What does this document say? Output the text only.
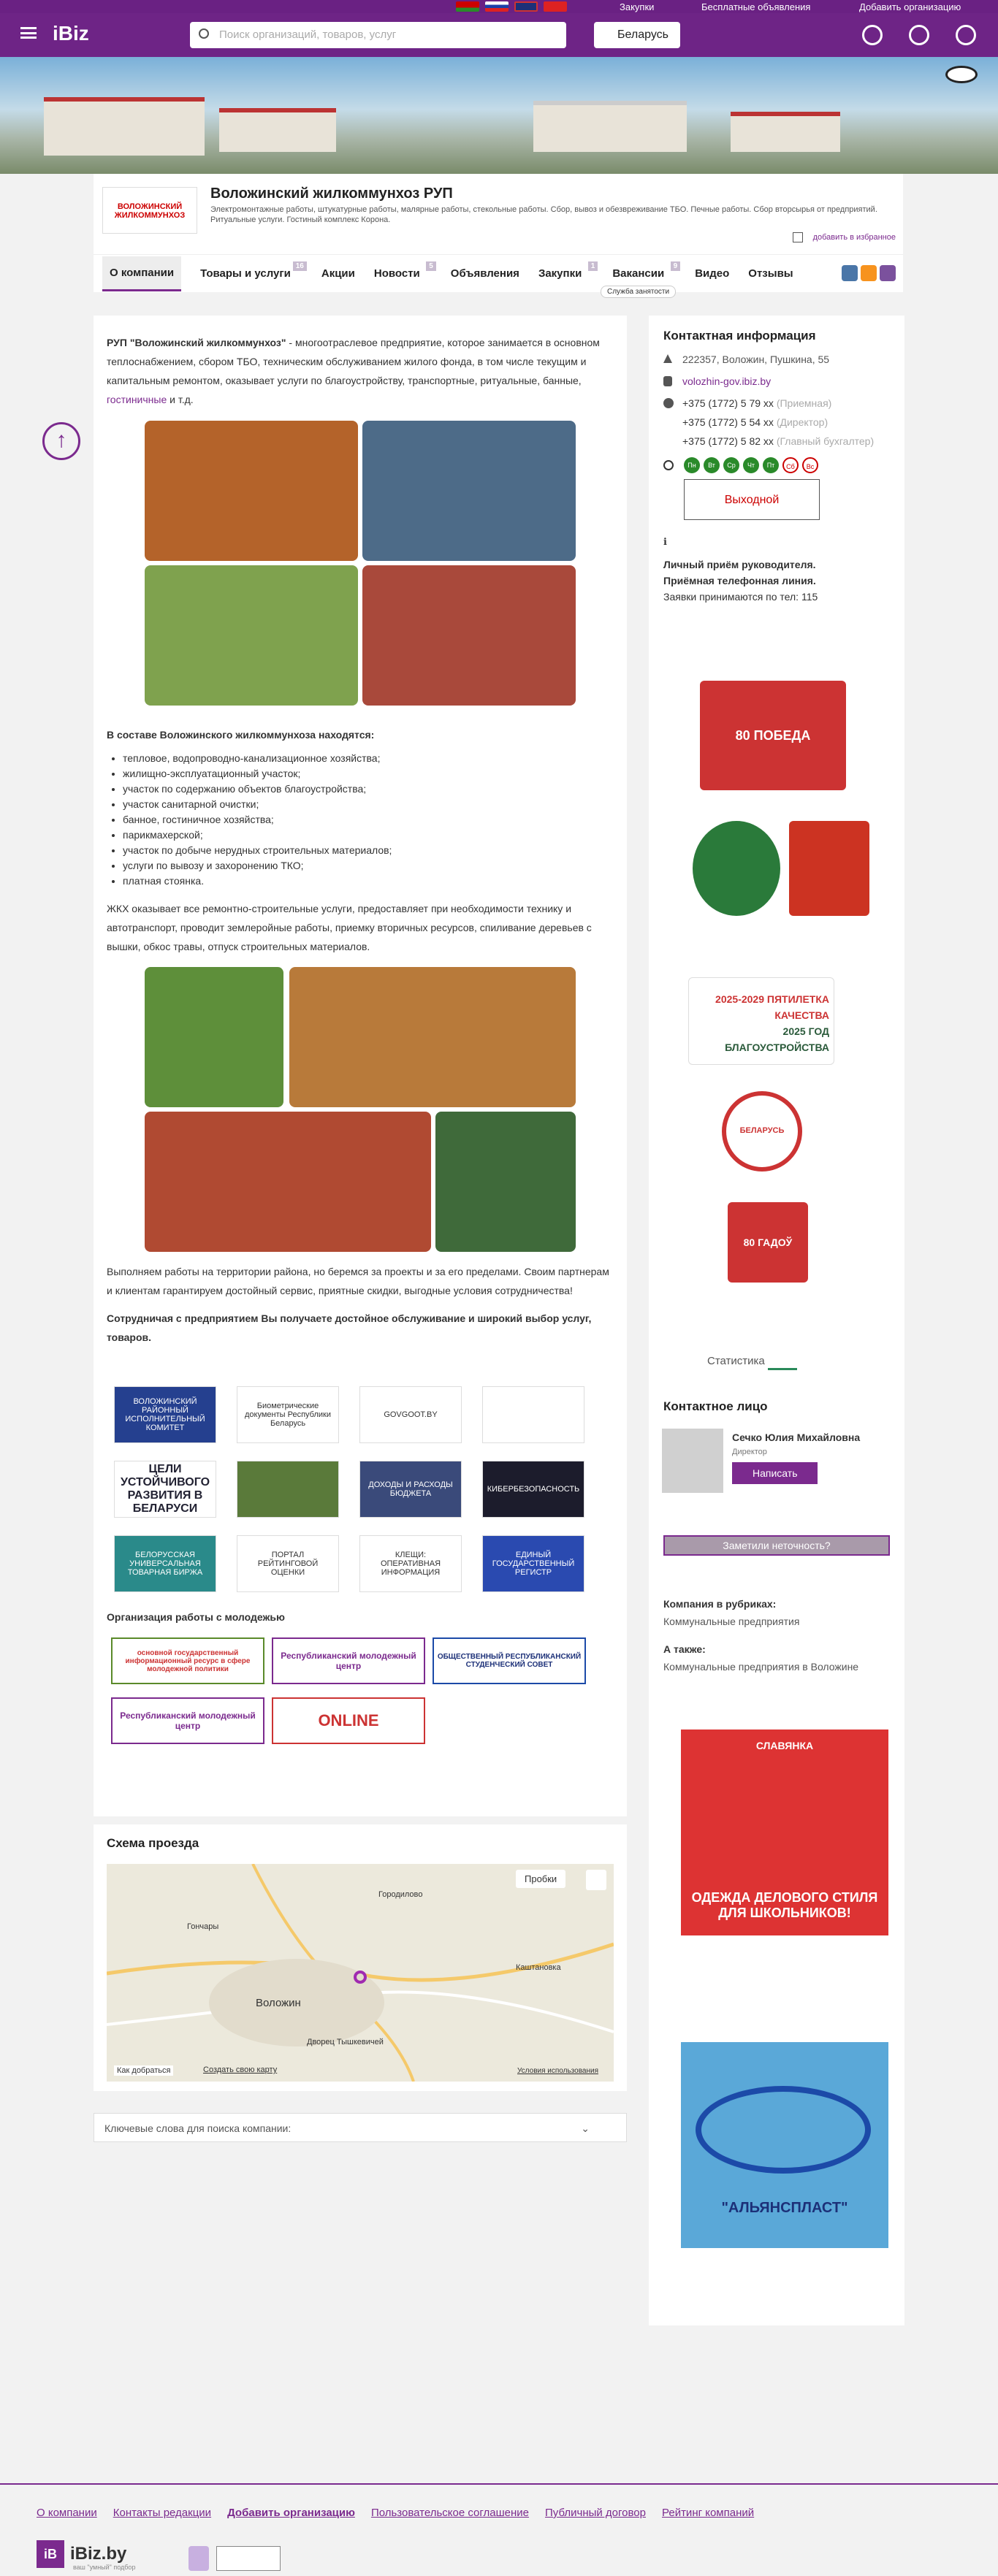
Закупки	Бесплатные объявления	Добавить организацию
iBiz	Поиск организаций, товаров, услуг	Беларусь
ВОЛОЖИНСКИЙ ЖИЛКОММУНХОЗ
Воложинский жилкоммунхоз РУП
Электромонтажные работы, штукатурные работы, малярные работы, стекольные работы. Сбор, вывоз и обезвреживание ТБО. Печные работы. Сбор вторсырья от предприятий. Ритуальные услуги. Гостиный комплекс Корона.
добавить в избранное
О компании	Товары и услуги
16
Акции Новости
5
Объявления Закупки
1
Вакансии
9
Видео Отзывы
Служба занятости
↑

РУП "Воложинский жилкоммунхоз" - многоотраслевое предприятие, которое занимается в основном теплоснабжением, сбором ТБО, техническим обслуживанием жилого фонда, в том числе текущим и капитальным ремонтом, оказывает услуги по благоустройству, транспортные, ритуальные, банные, гостиничные и т.д.

В составе Воложинского жилкоммунхоза находятся:
• тепловое, водопроводно-канализационное хозяйства;
• жилищно-эксплуатационный участок;
• участок по содержанию объектов благоустройства;
• участок санитарной очистки;
• банное, гостиничное хозяйства;
• парикмахерской;
• участок по добыче нерудных строительных материалов;
• услуги по вывозу и захоронению ТКО;
• платная стоянка.

ЖКХ оказывает все ремонтно-строительные услуги, предоставляет при необходимости технику и автотранспорт, проводит землеройные работы, приемку вторичных ресурсов, спиливание деревьев с вышки, обкос травы, отпуск строительных материалов.

Выполняем работы на территории района, но беремся за проекты и за его пределами. Своим партнерам и клиентам гарантируем достойный сервис, приятные скидки, выгодные условия сотрудничества!

Сотрудничая с предприятием Вы получаете достойное обслуживание и широкий выбор услуг, товаров.

ВОЛОЖИНСКИЙ РАЙОННЫЙ ИСПОЛНИТЕЛЬНЫЙ КОМИТЕТ
Биометрические документы Республики Беларусь
GOVGOOT.BY
ЦЕЛИ УСТОЙЧИВОГО РАЗВИТИЯ В БЕЛАРУСИ
ДОХОДЫ И РАСХОДЫ БЮДЖЕТА	КИБЕРБЕЗОПАСНОСТЬ
БЕЛОРУССКАЯ УНИВЕРСАЛЬНАЯ ТОВАРНАЯ БИРЖА
ПОРТАЛ РЕЙТИНГОВОЙ ОЦЕНКИ
КЛЕЩИ: ОПЕРАТИВНАЯ ИНФОРМАЦИЯ
ЕДИНЫЙ ГОСУДАРСТВЕННЫЙ РЕГИСТР
Организация работы с молодежью
основной государственный информационный ресурс в сфере молодежной политики
Республиканский молодежный центр
ОБЩЕСТВЕННЫЙ РЕСПУБЛИКАНСКИЙ СТУДЕНЧЕСКИЙ СОВЕТ
Республиканский молодежный центр	ONLINE
Схема проезда
Пробки
Городиловo
Гончары
Каштановка
Воложин
Дворец Тышкевичей
Как добраться	Создать свою карту	Условия использования
Ключевые слова для поиска компании:	⌄
Контактная информация
222357, Воложин, Пушкина, 55
volozhin-gov.ibiz.by
+375 (1772) 5 79 xx (Приемная)
+375 (1772) 5 54 xx (Директор)
+375 (1772) 5 82 xx (Главный бухгалтер)
Пн	Вт	Ср	Чт	Пт	Сб	Вс
Выходной
ℹ
Личный приём руководителя.
Приёмная телефонная линия.
Заявки принимаются по тел: 115
80 ПОБЕДА
2025-2029 ПЯТИЛЕТКА КАЧЕСТВА
2025 ГОД БЛАГОУСТРОЙСТВА
БЕЛАРУСЬ
80 ГАДОЎ
Статистика
Контактное лицо
Сечко Юлия Михайловна
Директор
Написать
Заметили неточность?
Компания в рубриках:
Коммунальные предприятия
А также:
Коммунальные предприятия в Воложине
СЛАВЯНКА
ОДЕЖДА ДЕЛОВОГО СТИЛЯ ДЛЯ ШКОЛЬНИКОВ!
"АЛЬЯНСПЛАСТ"
О компании Контакты редакции Добавить организацию Пользовательское соглашение Публичный договор Рейтинг компаний
iB iBiz.by
ваш "умный" подбор
